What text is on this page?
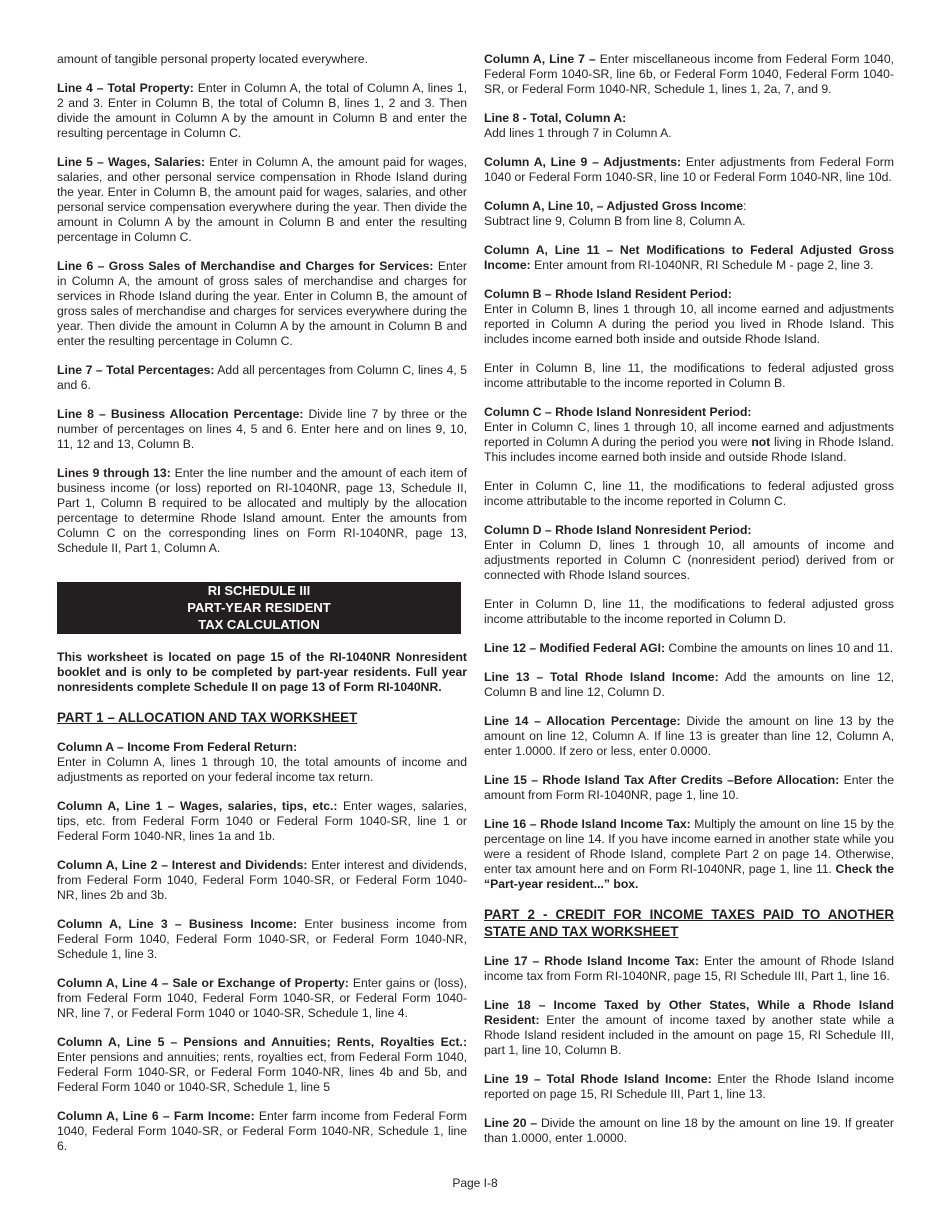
amount of tangible personal property located everywhere.

Line 4 – Total Property: Enter in Column A, the total of Column A, lines 1, 2 and 3. Enter in Column B, the total of Column B, lines 1, 2 and 3. Then divide the amount in Column A by the amount in Column B and enter the resulting percentage in Column C.

Line 5 – Wages, Salaries: Enter in Column A, the amount paid for wages, salaries, and other personal service compensation in Rhode Island during the year. Enter in Column B, the amount paid for wages, salaries, and other personal service compensation everywhere during the year. Then divide the amount in Column A by the amount in Column B and enter the resulting percentage in Column C.

Line 6 – Gross Sales of Merchandise and Charges for Services: Enter in Column A, the amount of gross sales of merchandise and charges for services in Rhode Island during the year. Enter in Column B, the amount of gross sales of merchandise and charges for services everywhere during the year. Then divide the amount in Column A by the amount in Column B and enter the resulting percentage in Column C.

Line 7 – Total Percentages: Add all percentages from Column C, lines 4, 5 and 6.

Line 8 – Business Allocation Percentage: Divide line 7 by three or the number of percentages on lines 4, 5 and 6. Enter here and on lines 9, 10, 11, 12 and 13, Column B.

Lines 9 through 13: Enter the line number and the amount of each item of business income (or loss) reported on RI-1040NR, page 13, Schedule II, Part 1, Column B required to be allocated and multiply by the allocation percentage to determine Rhode Island amount. Enter the amounts from Column C on the corresponding lines on Form RI-1040NR, page 13, Schedule II, Part 1, Column A.

RI SCHEDULE III
PART-YEAR RESIDENT
TAX CALCULATION

This worksheet is located on page 15 of the RI-1040NR Nonresident booklet and is only to be completed by part-year residents. Full year nonresidents complete Schedule II on page 13 of Form RI-1040NR.

PART 1 – ALLOCATION AND TAX WORKSHEET

Column A – Income From Federal Return:
Enter in Column A, lines 1 through 10, the total amounts of income and adjustments as reported on your federal income tax return.

Column A, Line 1 – Wages, salaries, tips, etc.: Enter wages, salaries, tips, etc. from Federal Form 1040 or Federal Form 1040-SR, line 1 or Federal Form 1040-NR, lines 1a and 1b.

Column A, Line 2 – Interest and Dividends: Enter interest and dividends, from Federal Form 1040, Federal Form 1040-SR, or Federal Form 1040-NR, lines 2b and 3b.

Column A, Line 3 – Business Income: Enter business income from Federal Form 1040, Federal Form 1040-SR, or Federal Form 1040-NR, Schedule 1, line 3.

Column A, Line 4 – Sale or Exchange of Property: Enter gains or (loss), from Federal Form 1040, Federal Form 1040-SR, or Federal Form 1040-NR, line 7, or Federal Form 1040 or 1040-SR, Schedule 1, line 4.

Column A, Line 5 – Pensions and Annuities; Rents, Royalties Ect.: Enter pensions and annuities; rents, royalties ect, from Federal Form 1040, Federal Form 1040-SR, or Federal Form 1040-NR, lines 4b and 5b, and Federal Form 1040 or 1040-SR, Schedule 1, line 5

Column A, Line 6 – Farm Income: Enter farm income from Federal Form 1040, Federal Form 1040-SR, or Federal Form 1040-NR, Schedule 1, line 6.

Column A, Line 7 – Enter miscellaneous income from Federal Form 1040, Federal Form 1040-SR, line 6b, or Federal Form 1040, Federal Form 1040-SR, or Federal Form 1040-NR, Schedule 1, lines 1, 2a, 7, and 9.

Line 8 - Total, Column A:
Add lines 1 through 7 in Column A.

Column A, Line 9 – Adjustments: Enter adjustments from Federal Form 1040 or Federal Form 1040-SR, line 10 or Federal Form 1040-NR, line 10d.

Column A, Line 10, – Adjusted Gross Income:
Subtract line 9, Column B from line 8, Column A.

Column A, Line 11 – Net Modifications to Federal Adjusted Gross Income: Enter amount from RI-1040NR, RI Schedule M - page 2, line 3.

Column B – Rhode Island Resident Period:
Enter in Column B, lines 1 through 10, all income earned and adjustments reported in Column A during the period you lived in Rhode Island. This includes income earned both inside and outside Rhode Island.

Enter in Column B, line 11, the modifications to federal adjusted gross income attributable to the income reported in Column B.

Column C – Rhode Island Nonresident Period:
Enter in Column C, lines 1 through 10, all income earned and adjustments reported in Column A during the period you were not living in Rhode Island. This includes income earned both inside and outside Rhode Island.

Enter in Column C, line 11, the modifications to federal adjusted gross income attributable to the income reported in Column C.

Column D – Rhode Island Nonresident Period:
Enter in Column D, lines 1 through 10, all amounts of income and adjustments reported in Column C (nonresident period) derived from or connected with Rhode Island sources.

Enter in Column D, line 11, the modifications to federal adjusted gross income attributable to the income reported in Column D.

Line 12 – Modified Federal AGI: Combine the amounts on lines 10 and 11.

Line 13 – Total Rhode Island Income: Add the amounts on line 12, Column B and line 12, Column D.

Line 14 – Allocation Percentage: Divide the amount on line 13 by the amount on line 12, Column A. If line 13 is greater than line 12, Column A, enter 1.0000. If zero or less, enter 0.0000.

Line 15 – Rhode Island Tax After Credits –Before Allocation: Enter the amount from Form RI-1040NR, page 1, line 10.

Line 16 – Rhode Island Income Tax: Multiply the amount on line 15 by the percentage on line 14. If you have income earned in another state while you were a resident of Rhode Island, complete Part 2 on page 14. Otherwise, enter tax amount here and on Form RI-1040NR, page 1, line 11. Check the “Part-year resident...” box.

PART 2 - CREDIT FOR INCOME TAXES PAID TO ANOTHER STATE AND TAX WORKSHEET

Line 17 – Rhode Island Income Tax: Enter the amount of Rhode Island income tax from Form RI-1040NR, page 15, RI Schedule III, Part 1, line 16.

Line 18 – Income Taxed by Other States, While a Rhode Island Resident: Enter the amount of income taxed by another state while a Rhode Island resident included in the amount on page 15, RI Schedule III, part 1, line 10, Column B.

Line 19 – Total Rhode Island Income: Enter the Rhode Island income reported on page 15, RI Schedule III, Part 1, line 13.

Line 20 – Divide the amount on line 18 by the amount on line 19. If greater than 1.0000, enter 1.0000.

Page I-8
